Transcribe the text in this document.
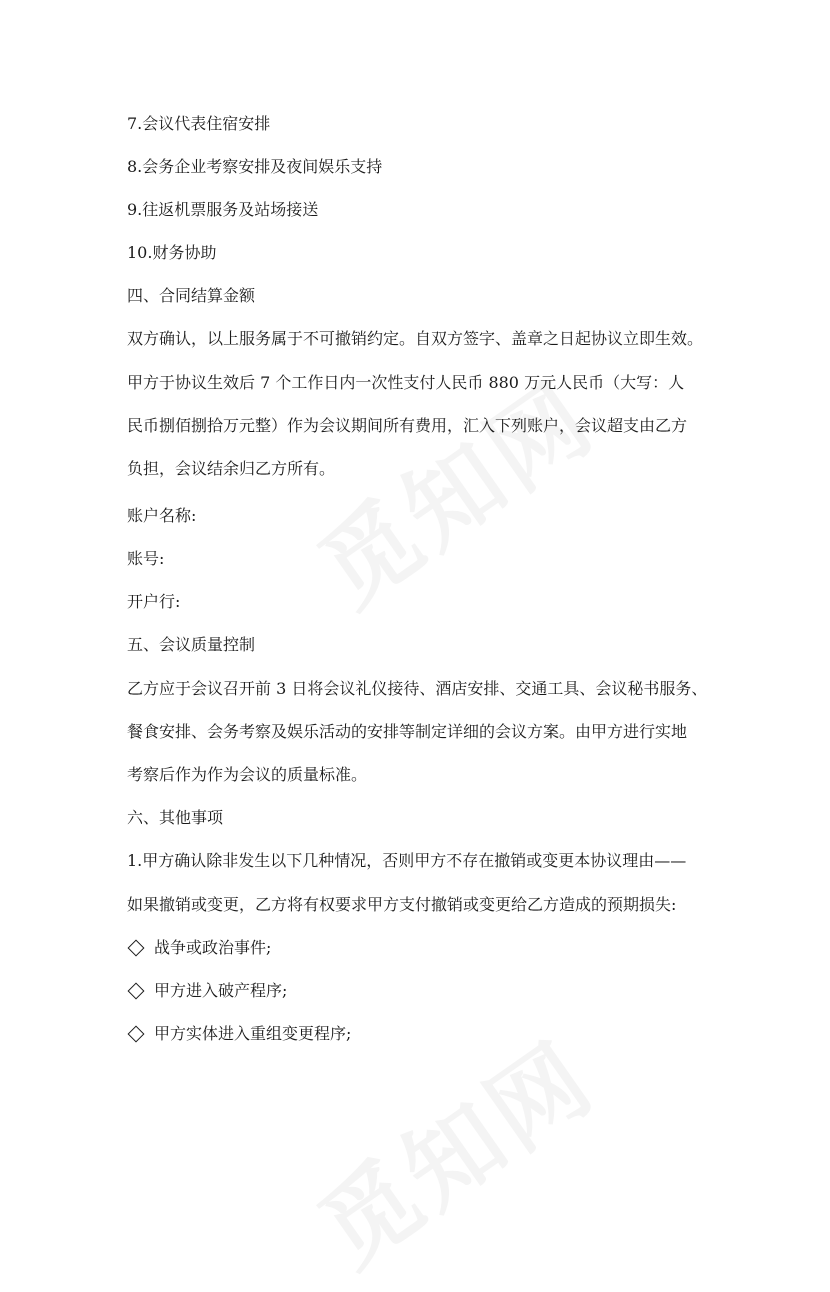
7.会议代表住宿安排
8.会务企业考察安排及夜间娱乐支持
9.往返机票服务及站场接送
10.财务协助
四、合同结算金额
双方确认，以上服务属于不可撤销约定。自双方签字、盖章之日起协议立即生效。
甲方于协议生效后 7 个工作日内一次性支付人民币 880 万元人民币（大写：人
民币捌佰捌拾万元整）作为会议期间所有费用，汇入下列账户，会议超支由乙方
负担，会议结余归乙方所有。
账户名称:
账号:
开户行:
五、会议质量控制
乙方应于会议召开前 3 日将会议礼仪接待、酒店安排、交通工具、会议秘书服务、
餐食安排、会务考察及娱乐活动的安排等制定详细的会议方案。由甲方进行实地
考察后作为作为会议的质量标准。
六、其他事项
1.甲方确认除非发生以下几种情况，否则甲方不存在撤销或变更本协议理由——
如果撤销或变更，乙方将有权要求甲方支付撤销或变更给乙方造成的预期损失:
战争或政治事件;
甲方进入破产程序;
甲方实体进入重组变更程序;
